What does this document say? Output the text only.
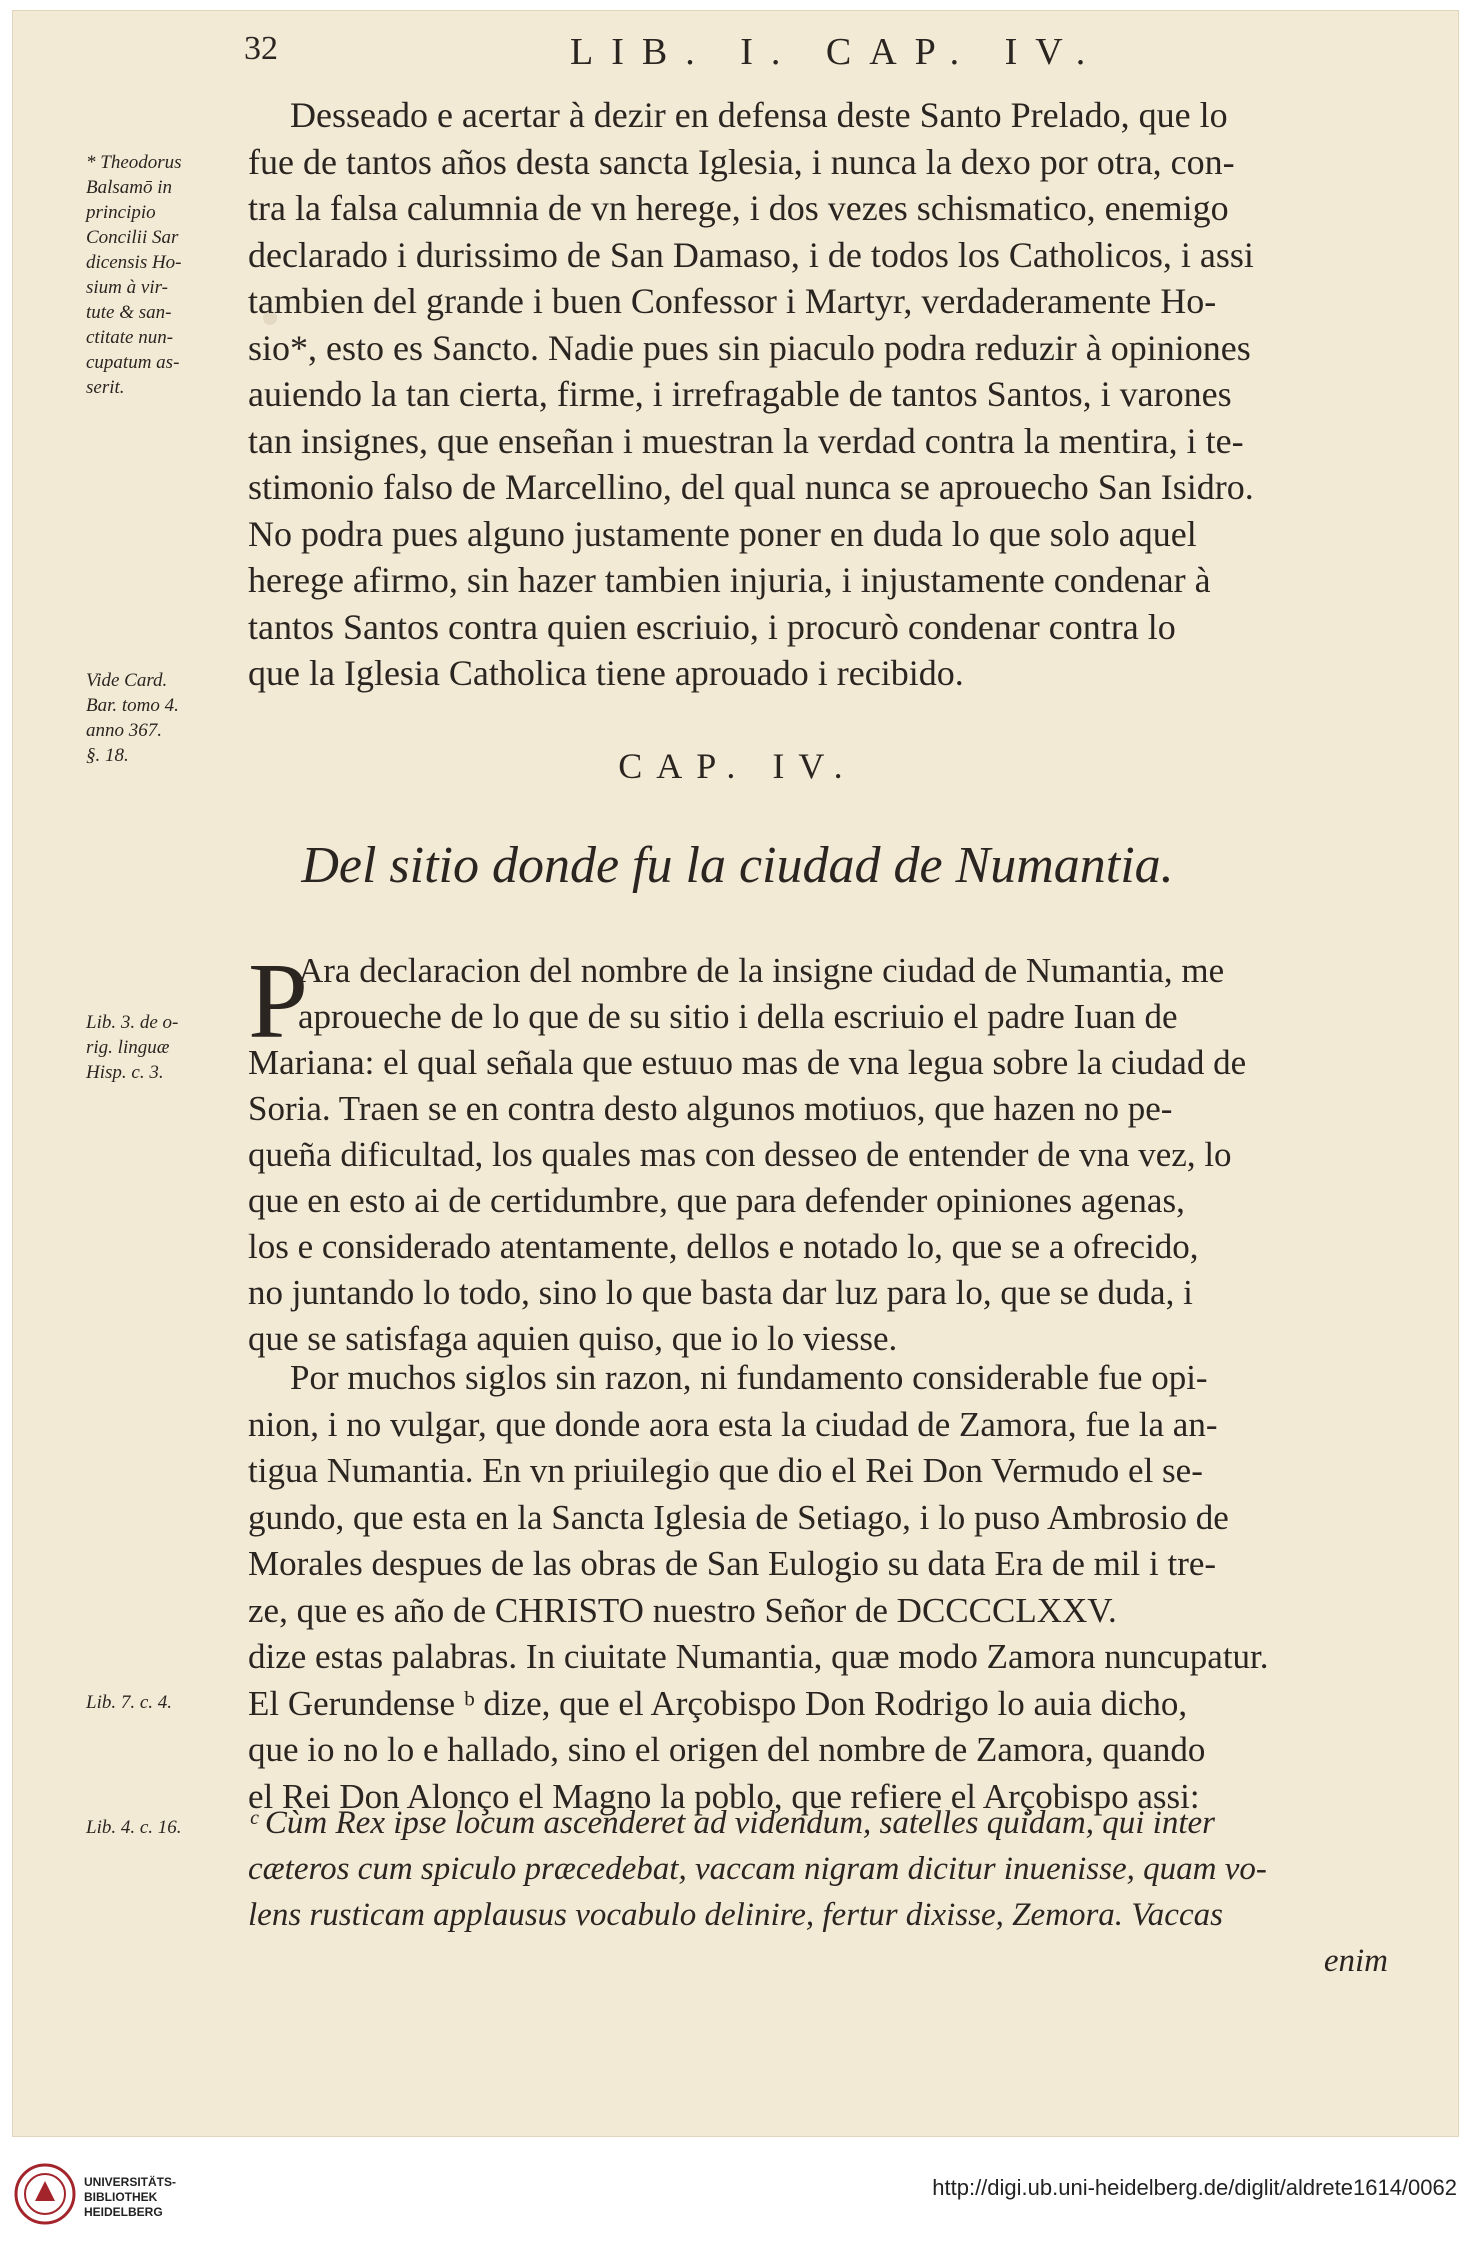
32	LIB. I. CAP. IV.
Desseado e acertar à dezir en defensa deste Santo Prelado, que lo
fue de tantos años desta sancta Iglesia, i nunca la dexo por otra, con-
tra la falsa calumnia de vn herege, i dos vezes schismatico, enemigo
declarado i durissimo de San Damaso, i de todos los Catholicos, i assi
tambien del grande i buen Confessor i Martyr, verdaderamente Ho-
sio*, esto es Sancto. Nadie pues sin piaculo podra reduzir à opiniones
auiendo la tan cierta, firme, i irrefragable de tantos Santos, i varones
tan insignes, que enseñan i muestran la verdad contra la mentira, i te-
stimonio falso de Marcellino, del qual nunca se aprouecho San Isidro.
No podra pues alguno justamente poner en duda lo que solo aquel
herege afirmo, sin hazer tambien injuria, i injustamente condenar à
tantos Santos contra quien escriuio, i procurò condenar contra lo
que la Iglesia Catholica tiene aprouado i recibido.
* Theodorus
Balsamō in
principio
Concilii Sar
dicensis Ho-
sium à vir-
tute & san-
ctitate nun-
cupatum as-
serit.
Vide Card.
Bar. tomo 4.
anno 367.
§. 18.	CAP. IV.
Del sitio donde fu la ciudad de Numantia.
P
Ara declaracion del nombre de la insigne ciudad de Numantia, me
aproueche de lo que de su sitio i della escriuio el padre Iuan de
Mariana: el qual señala que estuuo mas de vna legua sobre la ciudad de
Soria. Traen se en contra desto algunos motiuos, que hazen no pe-
queña dificultad, los quales mas con desseo de entender de vna vez, lo
que en esto ai de certidumbre, que para defender opiniones agenas,
los e considerado atentamente, dellos e notado lo, que se a ofrecido,
no juntando lo todo, sino lo que basta dar luz para lo, que se duda, i
que se satisfaga aquien quiso, que io lo viesse.
Lib. 3. de o-
rig. linguæ
Hisp. c. 3.
Por muchos siglos sin razon, ni fundamento considerable fue opi-
nion, i no vulgar, que donde aora esta la ciudad de Zamora, fue la an-
tigua Numantia. En vn priuilegio que dio el Rei Don Vermudo el se-
gundo, que esta en la Sancta Iglesia de Setiago, i lo puso Ambrosio de
Morales despues de las obras de San Eulogio su data Era de mil i tre-
ze, que es año de CHRISTO nuestro Señor de DCCCCLXXV.
dize estas palabras. In ciuitate Numantia, quæ modo Zamora nuncupatur.
El Gerundense ᵇ dize, que el Arçobispo Don Rodrigo lo auia dicho,
que io no lo e hallado, sino el origen del nombre de Zamora, quando
el Rei Don Alonço el Magno la poblo, que refiere el Arçobispo assi:
Lib. 7. c. 4.
ᶜ Cùm Rex ipse locum ascenderet ad videndum, satelles quidam, qui inter
cæteros cum spiculo præcedebat, vaccam nigram dicitur inuenisse, quam vo-
lens rusticam applausus vocabulo delinire, fertur dixisse, Zemora. Vaccas
enim
Lib. 4. c. 16.
UNIVERSITÄTS-
BIBLIOTHEK
HEIDELBERG
http://digi.ub.uni-heidelberg.de/diglit/aldrete1614/0062
